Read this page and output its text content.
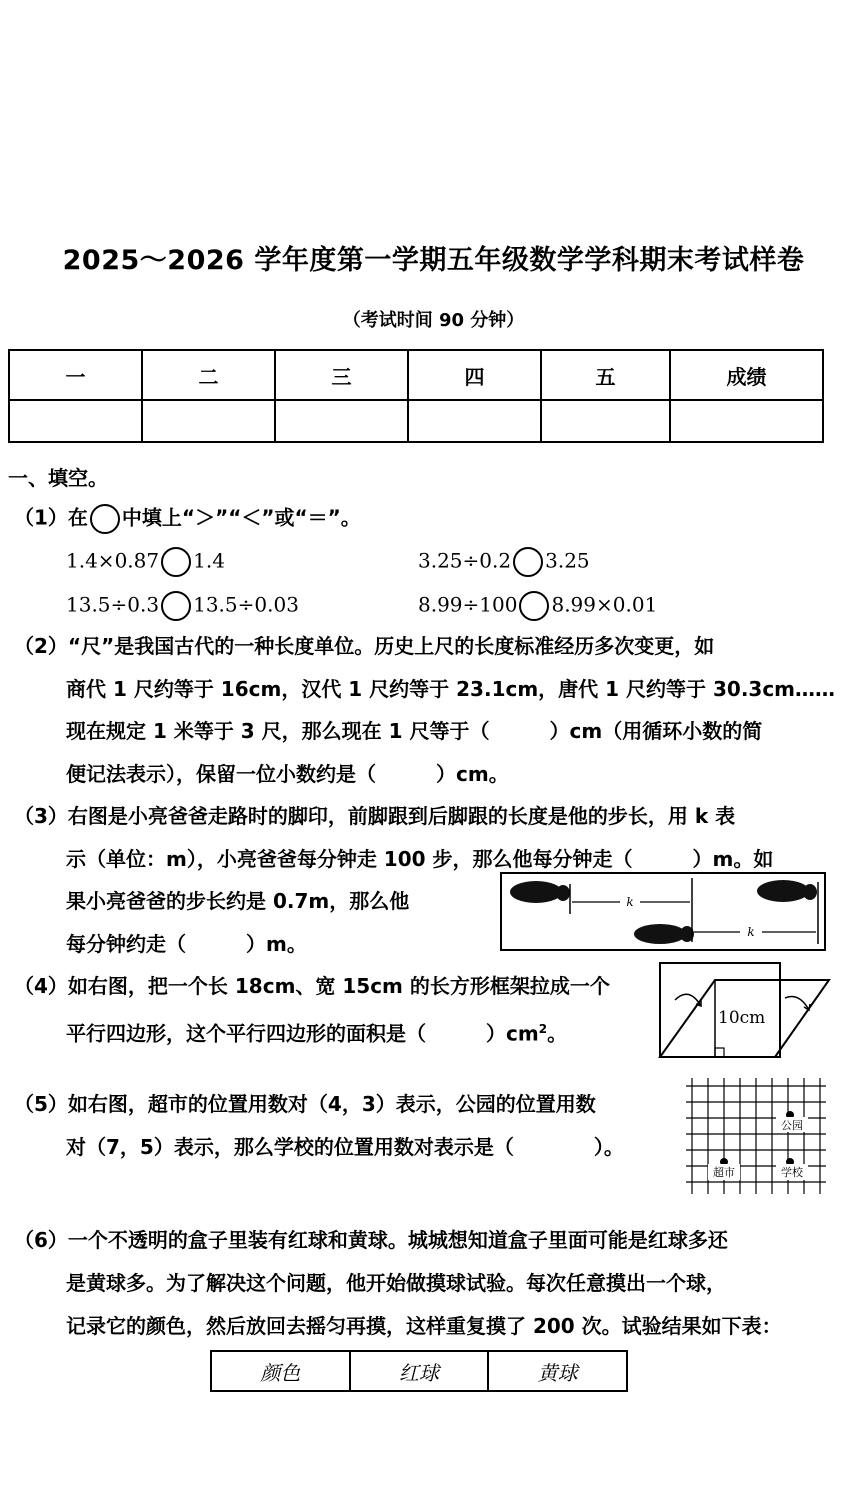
2025～2026 学年度第一学期五年级数学学科期末考试样卷
（考试时间 90 分钟）
一	二	三	四	五	成绩

一、填空。
（1）在 中填上“＞”“＜”或“＝”。
1.4×0.87 1.4	3.25÷0.2 3.25
13.5÷0.3 13.5÷0.03	8.99÷100 8.99×0.01
（2）“尺”是我国古代的一种长度单位。历史上尺的长度标准经历多次变更，如
商代 1 尺约等于 16cm，汉代 1 尺约等于 23.1cm，唐代 1 尺约等于 30.3cm……
现在规定 1 米等于 3 尺，那么现在 1 尺等于（　　　）cm（用循环小数的简
便记法表示），保留一位小数约是（　　　）cm。
（3）右图是小亮爸爸走路时的脚印，前脚跟到后脚跟的长度是他的步长，用 k 表
示（单位：m），小亮爸爸每分钟走 100 步，那么他每分钟走（　　　）m。如
果小亮爸爸的步长约是 0.7m，那么他
每分钟约走（　　　）m。
k
k
（4）如右图，把一个长 18cm、宽 15cm 的长方形框架拉成一个
平行四边形，这个平行四边形的面积是（　　　）$cm^2$。
10cm
（5）如右图，超市的位置用数对（4，3）表示，公园的位置用数
对（7，5）表示，那么学校的位置用数对表示是（　　　　）。
公园
超市	学校
（6）一个不透明的盒子里装有红球和黄球。城城想知道盒子里面可能是红球多还
是黄球多。为了解决这个问题，他开始做摸球试验。每次任意摸出一个球，
记录它的颜色，然后放回去摇匀再摸，这样重复摸了 200 次。试验结果如下表：
颜色	红球	黄球
